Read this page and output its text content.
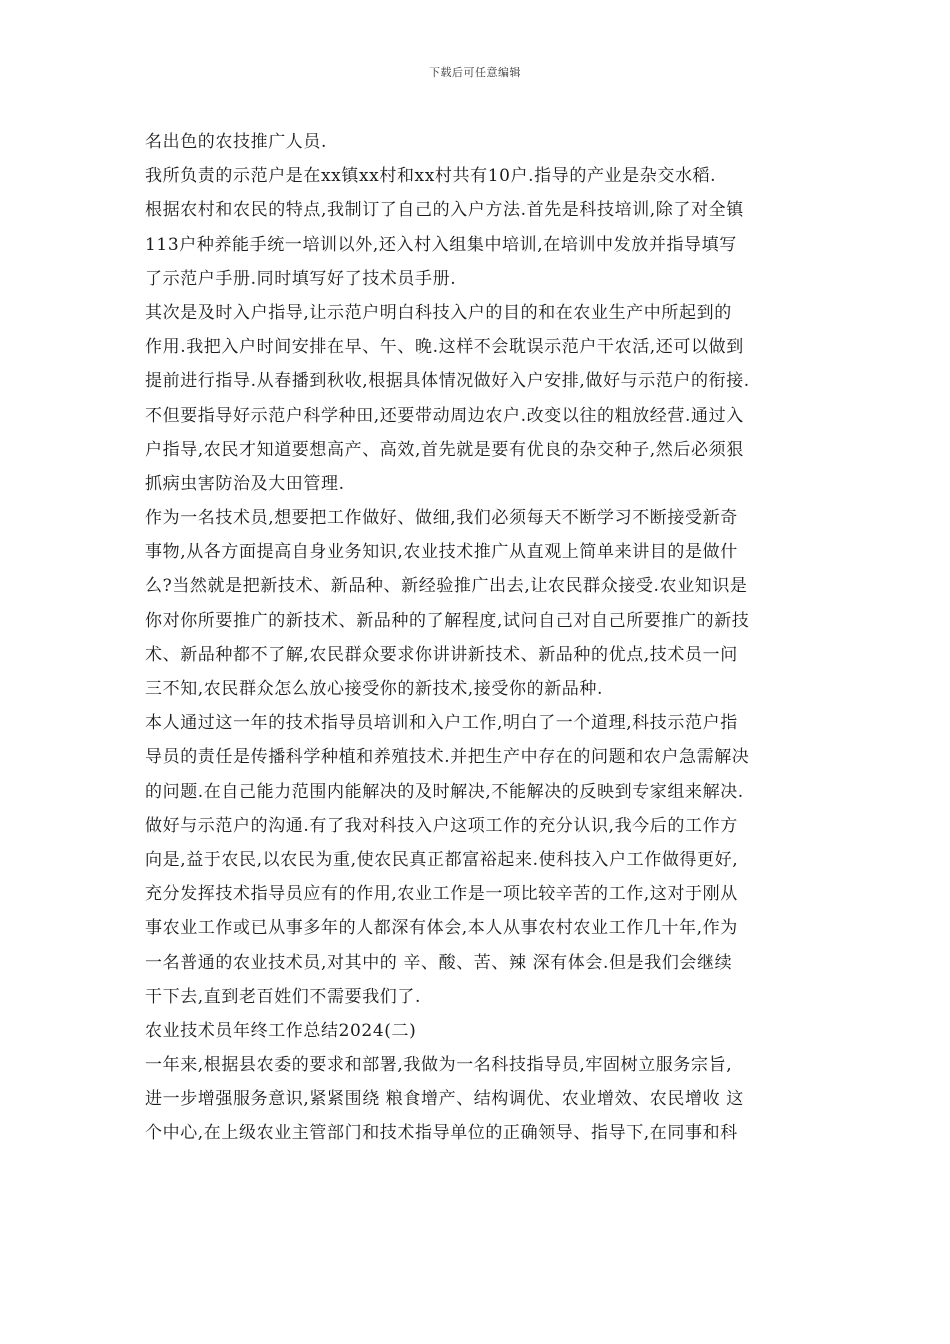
下载后可任意编辑
名出色的农技推广人员.
我所负责的示范户是在xx镇xx村和xx村共有10户.指导的产业是杂交水稻.
根据农村和农民的特点,我制订了自己的入户方法.首先是科技培训,除了对全镇
113户种养能手统一培训以外,还入村入组集中培训,在培训中发放并指导填写
了示范户手册.同时填写好了技术员手册.
其次是及时入户指导,让示范户明白科技入户的目的和在农业生产中所起到的
作用.我把入户时间安排在早、午、晚.这样不会耽误示范户干农活,还可以做到
提前进行指导.从春播到秋收,根据具体情况做好入户安排,做好与示范户的衔接.
不但要指导好示范户科学种田,还要带动周边农户.改变以往的粗放经营.通过入
户指导,农民才知道要想高产、高效,首先就是要有优良的杂交种子,然后必须狠
抓病虫害防治及大田管理.
作为一名技术员,想要把工作做好、做细,我们必须每天不断学习不断接受新奇
事物,从各方面提高自身业务知识,农业技术推广从直观上简单来讲目的是做什
么?当然就是把新技术、新品种、新经验推广出去,让农民群众接受.农业知识是
你对你所要推广的新技术、新品种的了解程度,试问自己对自己所要推广的新技
术、新品种都不了解,农民群众要求你讲讲新技术、新品种的优点,技术员一问
三不知,农民群众怎么放心接受你的新技术,接受你的新品种.
本人通过这一年的技术指导员培训和入户工作,明白了一个道理,科技示范户指
导员的责任是传播科学种植和养殖技术.并把生产中存在的问题和农户急需解决
的问题.在自己能力范围内能解决的及时解决,不能解决的反映到专家组来解决.
做好与示范户的沟通.有了我对科技入户这项工作的充分认识,我今后的工作方
向是,益于农民,以农民为重,使农民真正都富裕起来.使科技入户工作做得更好,
充分发挥技术指导员应有的作用,农业工作是一项比较辛苦的工作,这对于刚从
事农业工作或已从事多年的人都深有体会,本人从事农村农业工作几十年,作为
一名普通的农业技术员,对其中的 辛、酸、苦、辣 深有体会.但是我们会继续
干下去,直到老百姓们不需要我们了.
农业技术员年终工作总结2024(二)
一年来,根据县农委的要求和部署,我做为一名科技指导员,牢固树立服务宗旨,
进一步增强服务意识,紧紧围绕 粮食增产、结构调优、农业增效、农民增收 这
个中心,在上级农业主管部门和技术指导单位的正确领导、指导下,在同事和科
